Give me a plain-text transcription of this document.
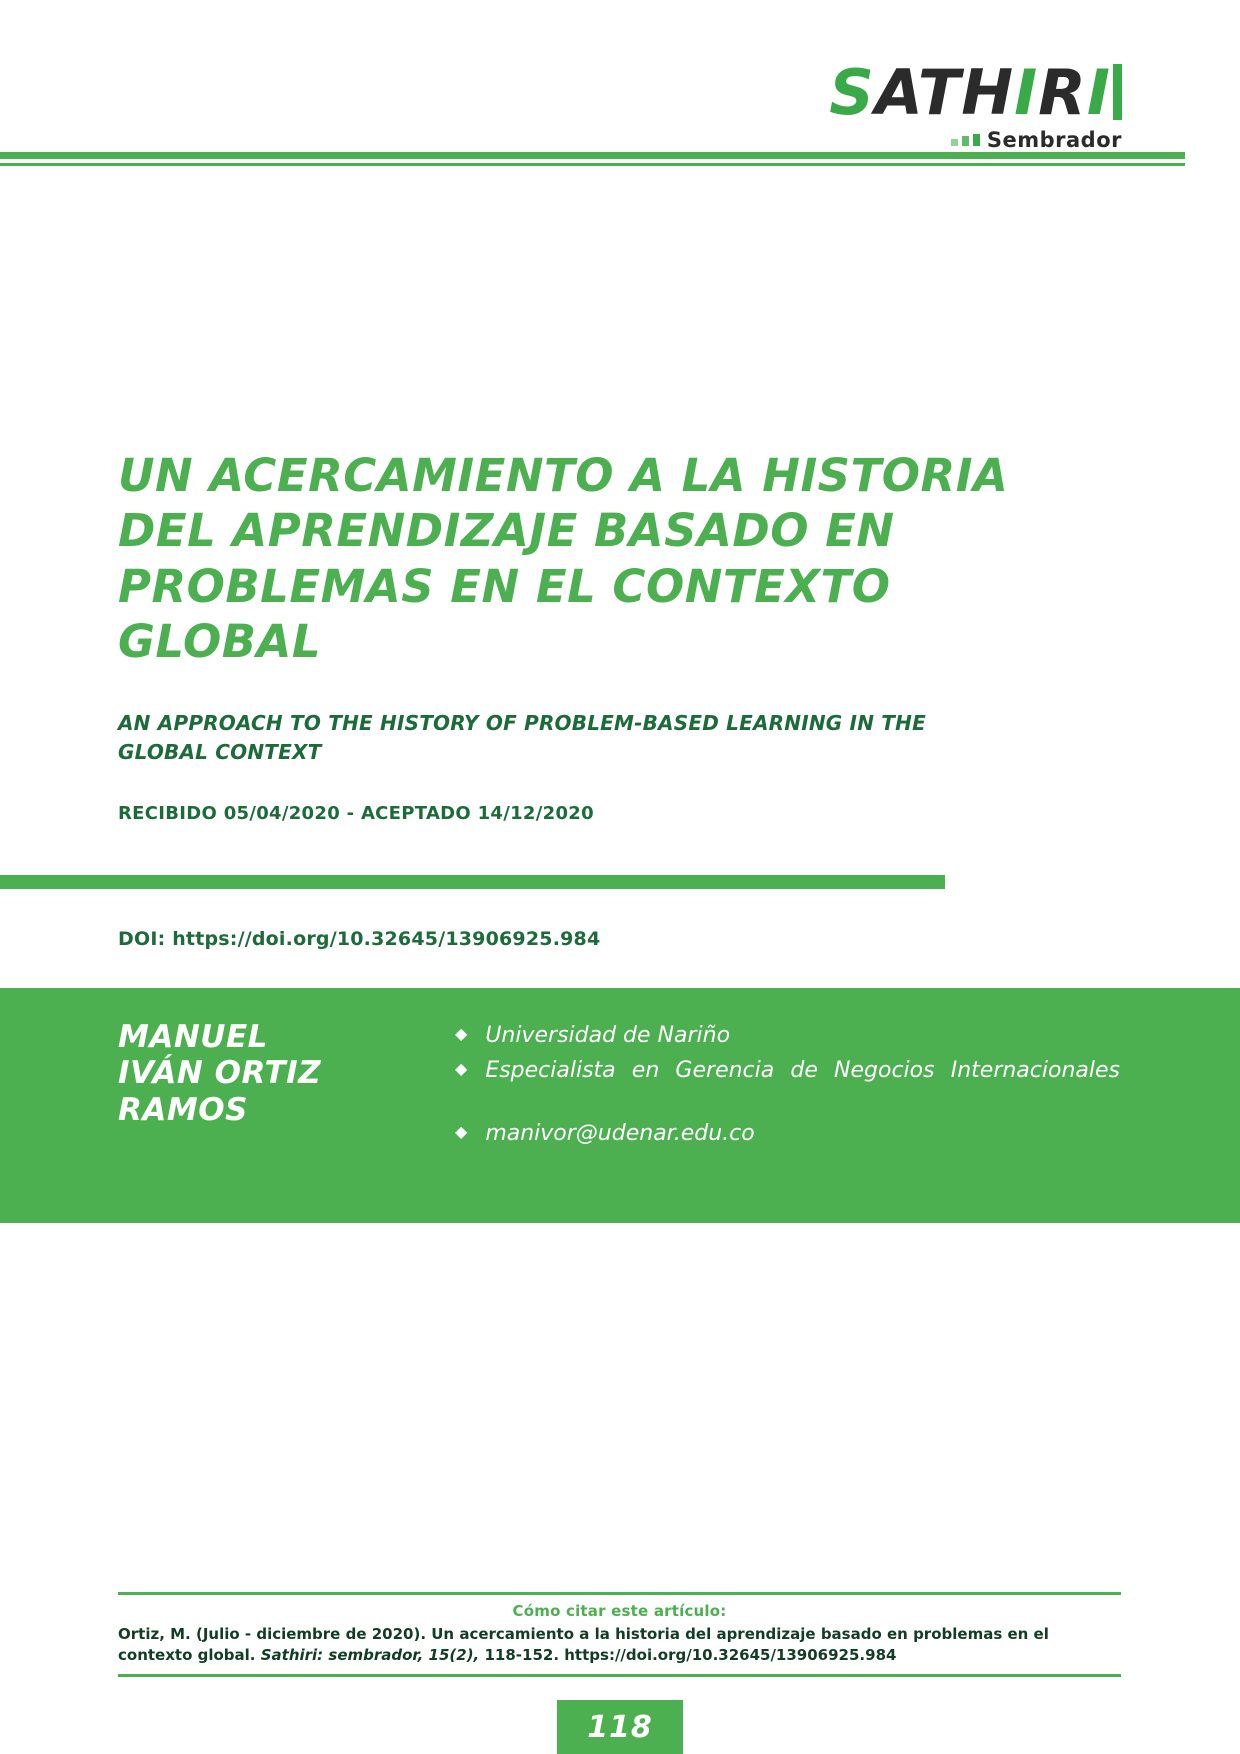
SATHIRI
Sembrador
UN ACERCAMIENTO A LA HISTORIA DEL APRENDIZAJE BASADO EN PROBLEMAS EN EL CONTEXTO GLOBAL
AN APPROACH TO THE HISTORY OF PROBLEM-BASED LEARNING IN THE GLOBAL CONTEXT
RECIBIDO 05/04/2020 - ACEPTADO 14/12/2020
DOI: https://doi.org/10.32645/13906925.984
MANUEL IVÁN ORTIZ RAMOS
◆ Universidad de Nariño
◆ Especialista en Gerencia de Negocios Internacionales
◆ manivor@udenar.edu.co
Cómo citar este artículo:
Ortiz, M. (Julio - diciembre de 2020). Un acercamiento a la historia del aprendizaje basado en problemas en el contexto global. Sathiri: sembrador, 15(2), 118-152. https://doi.org/10.32645/13906925.984
118
